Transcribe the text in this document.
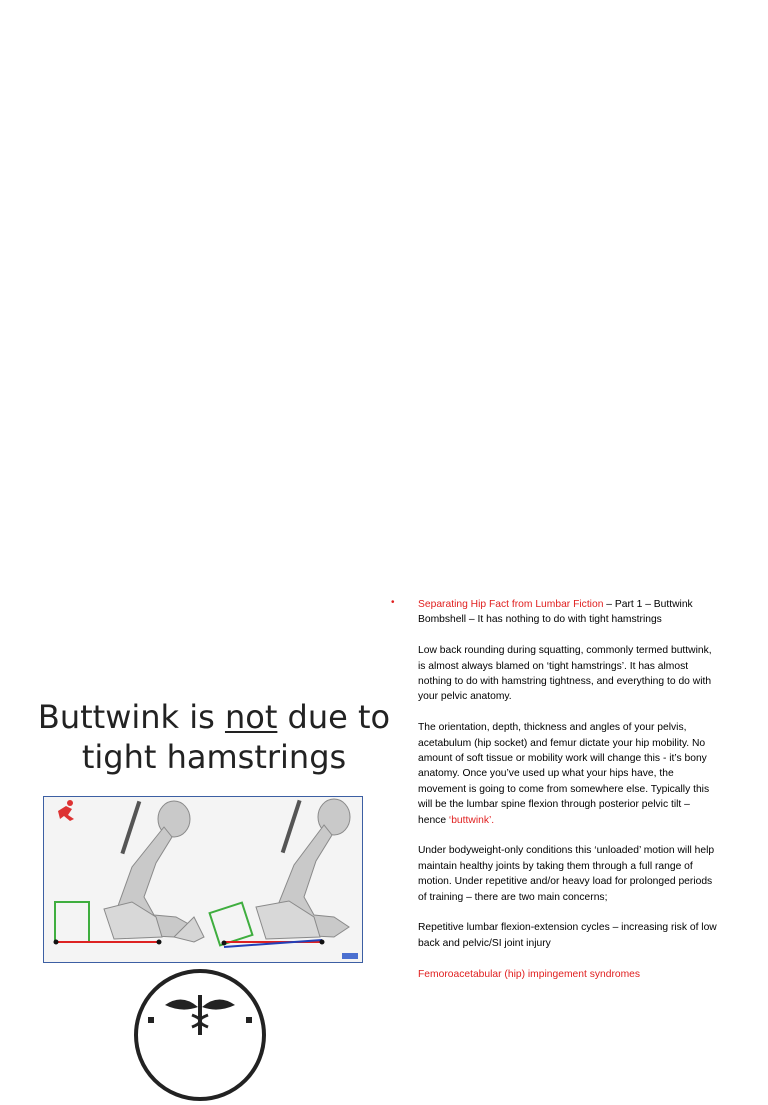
Buttwink is not due to tight hamstrings
•	Separating Hip Fact from Lumbar Fiction – Part 1 – Buttwink Bombshell – It has nothing to do with tight hamstrings

Low back rounding during squatting, commonly termed buttwink, is almost always blamed on ‘tight hamstrings’. It has almost nothing to do with hamstring tightness, and everything to do with your pelvic anatomy.

The orientation, depth, thickness and angles of your pelvis, acetabulum (hip socket) and femur dictate your hip mobility. No amount of soft tissue or mobility work will change this - it’s bony anatomy. Once you’ve used up what your hips have, the movement is going to come from somewhere else. Typically this will be the lumbar spine flexion through posterior pelvic tilt – hence ‘buttwink’.

Under bodyweight-only conditions this ‘unloaded’ motion will help maintain healthy joints by taking them through a full range of motion. Under repetitive and/or heavy load for prolonged periods of training – there are two main concerns;

Repetitive lumbar flexion-extension cycles – increasing risk of low back and pelvic/SI joint injury

Femoroacetabular (hip) impingement syndromes
